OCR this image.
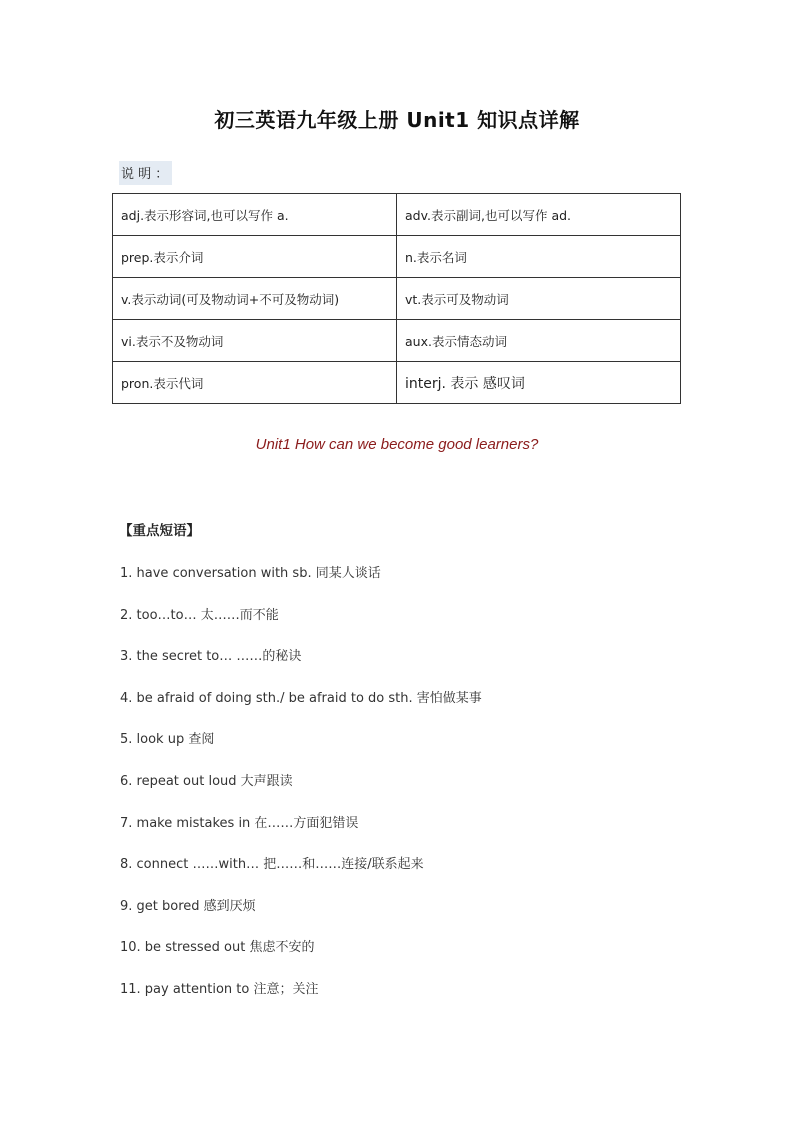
初三英语九年级上册 Unit1 知识点详解
说 明 ：
adj.表示形容词,也可以写作 a.	adv.表示副词,也可以写作 ad.
prep.表示介词	n.表示名词
v.表示动词(可及物动词+不可及物动词)	vt.表示可及物动词
vi.表示不及物动词	aux.表示情态动词
pron.表示代词	interj. 表示 感叹词
Unit1 How can we become good learners?
【重点短语】
1. have conversation with sb. 同某人谈话
2. too…to… 太……而不能
3. the secret to… ……的秘诀
4. be afraid of doing sth./ be afraid to do sth. 害怕做某事
5. look up 查阅
6. repeat out loud 大声跟读
7. make mistakes in 在……方面犯错误
8. connect ……with… 把……和……连接/联系起来
9. get bored 感到厌烦
10. be stressed out 焦虑不安的
11. pay attention to 注意；关注
